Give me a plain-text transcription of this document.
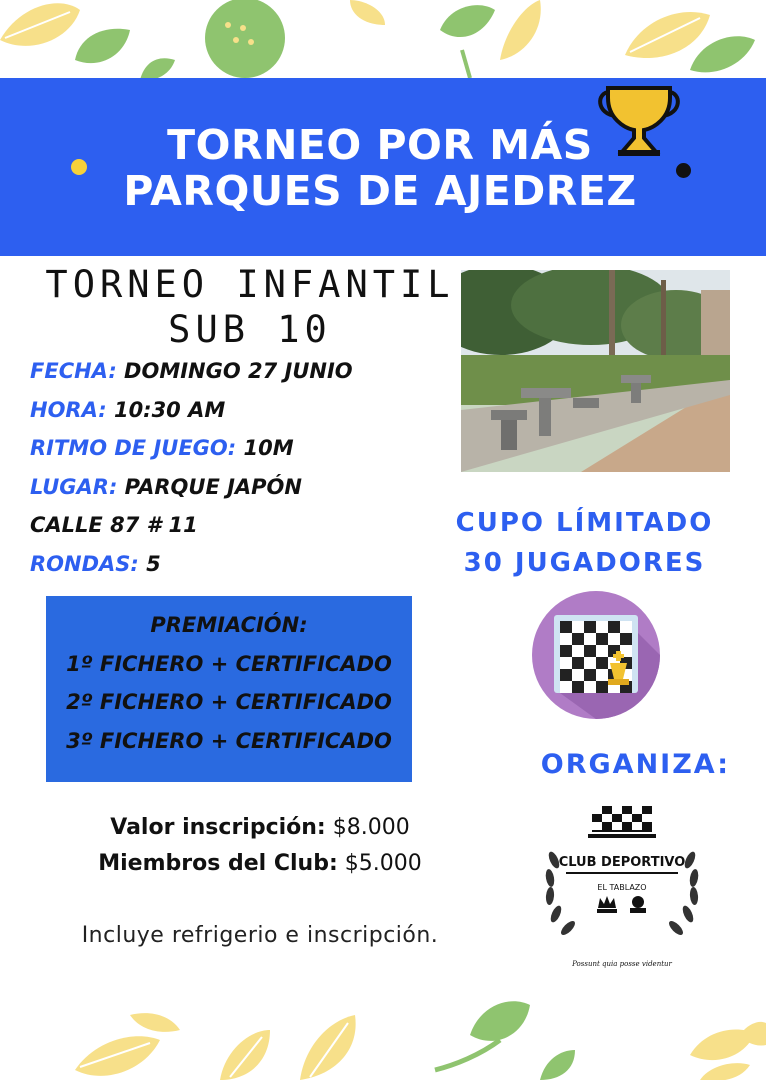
TORNEO POR MÁS
PARQUES DE AJEDREZ
TORNEO INFANTIL
SUB 10
FECHA: DOMINGO 27 JUNIO
HORA: 10:30 AM
RITMO DE JUEGO: 10M
LUGAR: PARQUE JAPÓN
CALLE 87 # 11
RONDAS: 5
CUPO LÍMITADO
30 JUGADORES
PREMIACIÓN:
1º FICHERO + CERTIFICADO
2º FICHERO + CERTIFICADO
3º FICHERO + CERTIFICADO
ORGANIZA:
CLUB DEPORTIVO
EL TABLAZO
Possunt quia posse videntur
Valor inscripción: $8.000
Miembros del Club: $5.000
Incluye refrigerio e inscripción.
